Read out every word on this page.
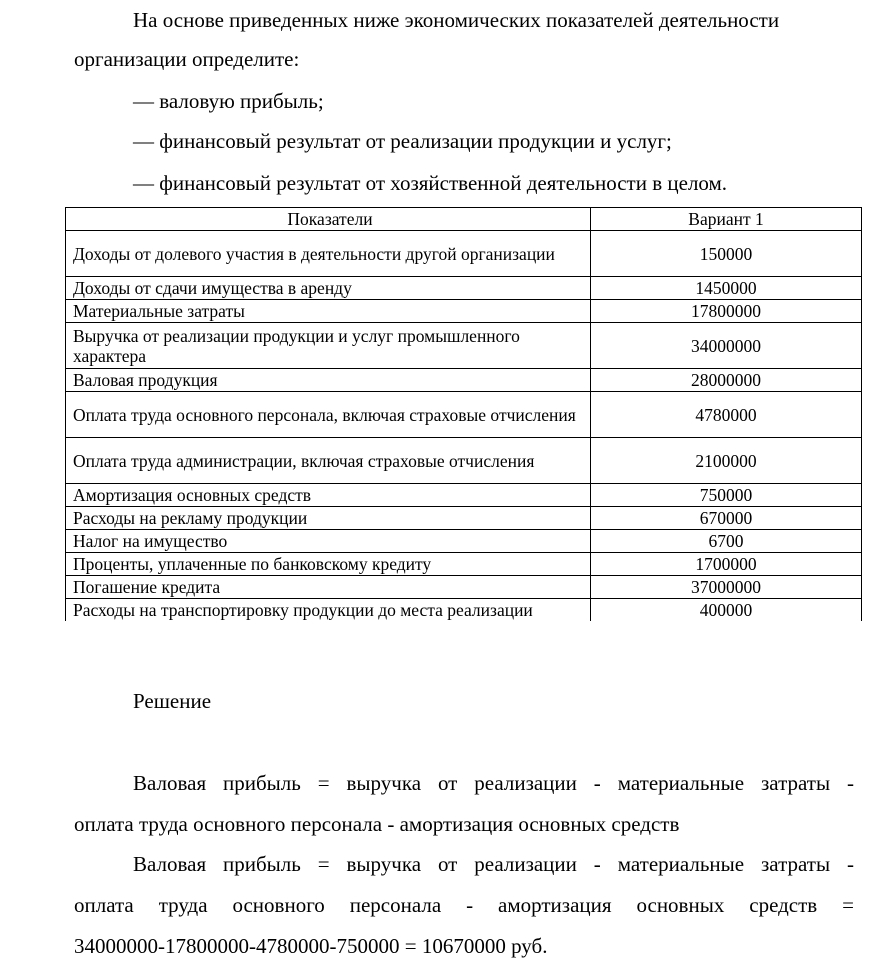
На основе приведенных ниже экономических показателей деятельности
организации определите:
— валовую прибыль;
— финансовый результат от реализации продукции и услуг;
— финансовый результат от хозяйственной деятельности в целом.
Показатели	Вариант 1
Доходы от долевого участия в деятельности другой организации	150000
Доходы от сдачи имущества в аренду	1450000
Материальные затраты	17800000
Выручка от реализации продукции и услуг промышленного характера	34000000
Валовая продукция	28000000
Оплата труда основного персонала, включая страховые отчисления	4780000
Оплата труда администрации, включая страховые отчисления	2100000
Амортизация основных средств	750000
Расходы на рекламу продукции	670000
Налог на имущество	6700
Проценты, уплаченные по банковскому кредиту	1700000
Погашение кредита	37000000
Расходы на транспортировку продукции до места реализации	400000
Решение
Валовая прибыль = выручка от реализации - материальные затраты -
оплата труда основного персонала - амортизация основных средств
Валовая прибыль = выручка от реализации - материальные затраты -
оплата труда основного персонала - амортизация основных средств =
34000000-17800000-4780000-750000 = 10670000 руб.
